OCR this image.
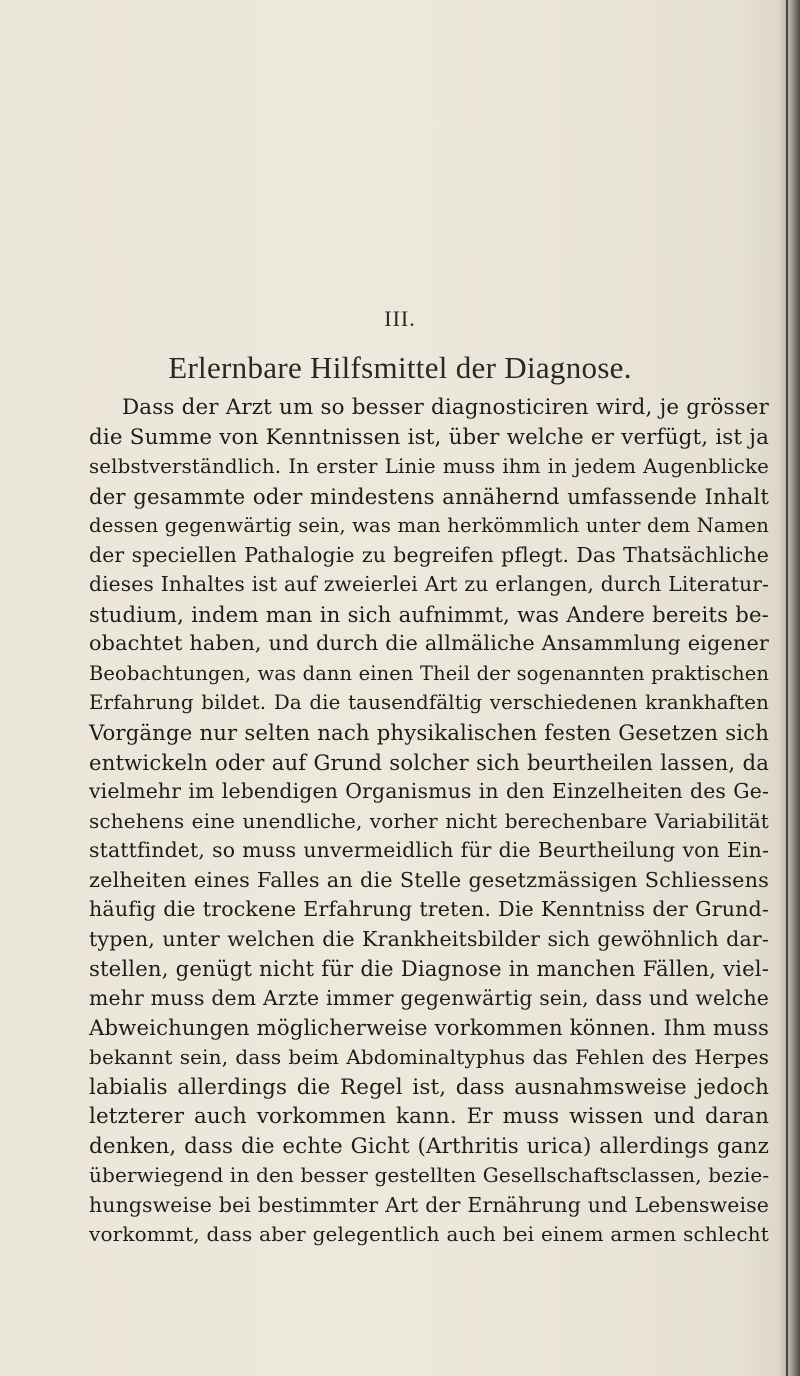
III.
Erlernbare Hilfsmittel der Diagnose.
Dass der Arzt um so besser diagnosticiren wird, je grösser
die Summe von Kenntnissen ist, über welche er verfügt, ist ja
selbstverständlich. In erster Linie muss ihm in jedem Augenblicke
der gesammte oder mindestens annähernd umfassende Inhalt
dessen gegenwärtig sein, was man herkömmlich unter dem Namen
der speciellen Pathalogie zu begreifen pflegt. Das Thatsächliche
dieses Inhaltes ist auf zweierlei Art zu erlangen, durch Literatur-
studium, indem man in sich aufnimmt, was Andere bereits be-
obachtet haben, und durch die allmäliche Ansammlung eigener
Beobachtungen, was dann einen Theil der sogenannten praktischen
Erfahrung bildet. Da die tausendfältig verschiedenen krankhaften
Vorgänge nur selten nach physikalischen festen Gesetzen sich
entwickeln oder auf Grund solcher sich beurtheilen lassen, da
vielmehr im lebendigen Organismus in den Einzelheiten des Ge-
schehens eine unendliche, vorher nicht berechenbare Variabilität
stattfindet, so muss unvermeidlich für die Beurtheilung von Ein-
zelheiten eines Falles an die Stelle gesetzmässigen Schliessens
häufig die trockene Erfahrung treten. Die Kenntniss der Grund-
typen, unter welchen die Krankheitsbilder sich gewöhnlich dar-
stellen, genügt nicht für die Diagnose in manchen Fällen, viel-
mehr muss dem Arzte immer gegenwärtig sein, dass und welche
Abweichungen möglicherweise vorkommen können. Ihm muss
bekannt sein, dass beim Abdominaltyphus das Fehlen des Herpes
labialis allerdings die Regel ist, dass ausnahmsweise jedoch
letzterer auch vorkommen kann. Er muss wissen und daran
denken, dass die echte Gicht (Arthritis urica) allerdings ganz
überwiegend in den besser gestellten Gesellschaftsclassen, bezie-
hungsweise bei bestimmter Art der Ernährung und Lebensweise
vorkommt, dass aber gelegentlich auch bei einem armen schlecht
